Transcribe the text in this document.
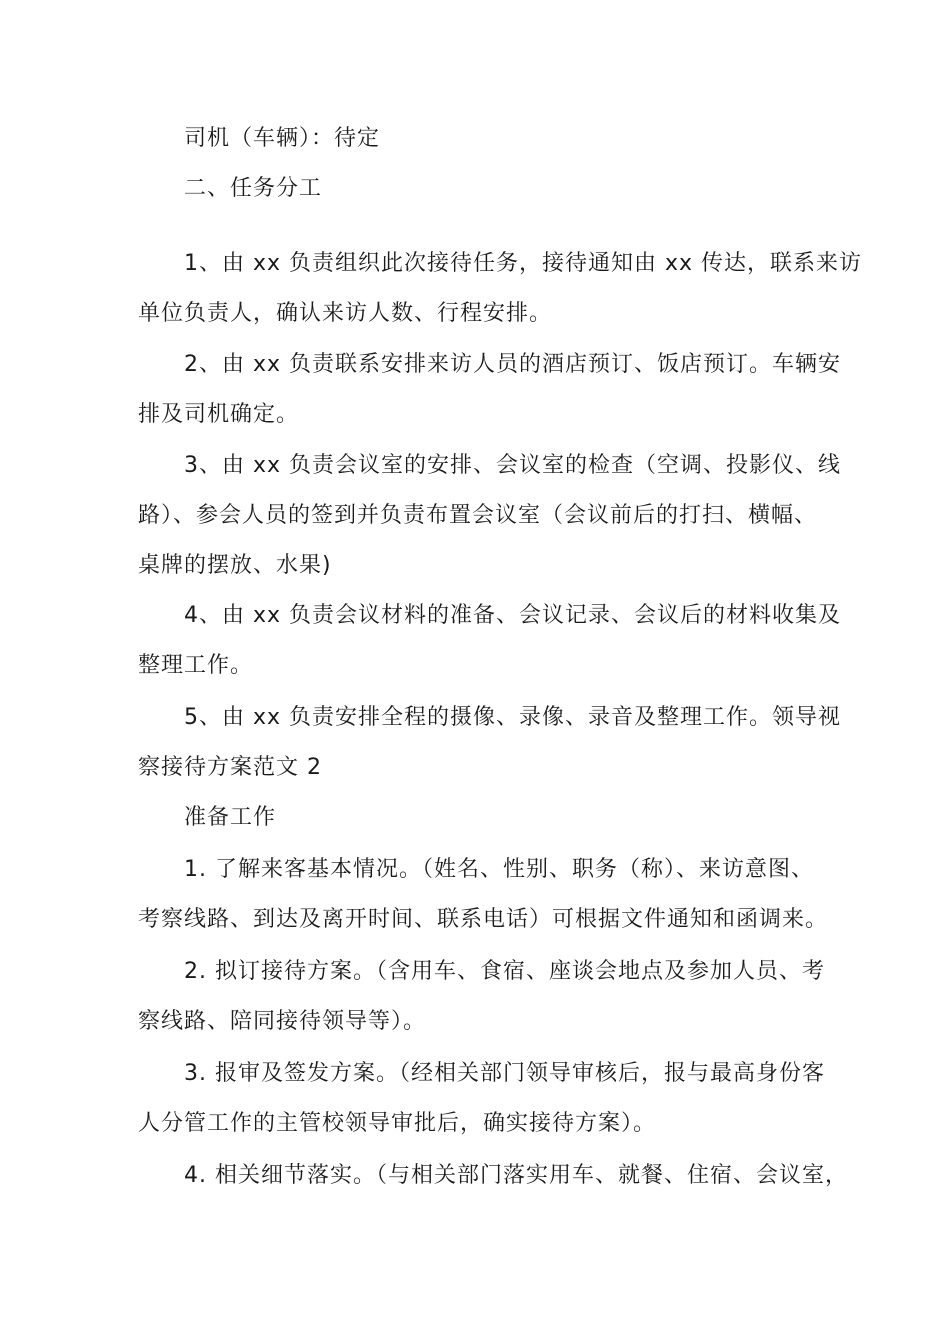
司机（车辆）：待定
二、任务分工
1、由 xx 负责组织此次接待任务，接待通知由 xx 传达，联系来访
单位负责人，确认来访人数、行程安排。
2、由 xx 负责联系安排来访人员的酒店预订、饭店预订。车辆安
排及司机确定。
3、由 xx 负责会议室的安排、会议室的检查（空调、投影仪、线
路）、参会人员的签到并负责布置会议室（会议前后的打扫、横幅、
桌牌的摆放、水果)
4、由 xx 负责会议材料的准备、会议记录、会议后的材料收集及
整理工作。
5、由 xx 负责安排全程的摄像、录像、录音及整理工作。领导视
察接待方案范文 2
准备工作
1. 了解来客基本情况。（姓名、性别、职务（称）、来访意图、
考察线路、到达及离开时间、联系电话）可根据文件通知和函调来。
2. 拟订接待方案。（含用车、食宿、座谈会地点及参加人员、考
察线路、陪同接待领导等）。
3. 报审及签发方案。（经相关部门领导审核后，报与最高身份客
人分管工作的主管校领导审批后，确实接待方案）。
4. 相关细节落实。（与相关部门落实用车、就餐、住宿、会议室，
